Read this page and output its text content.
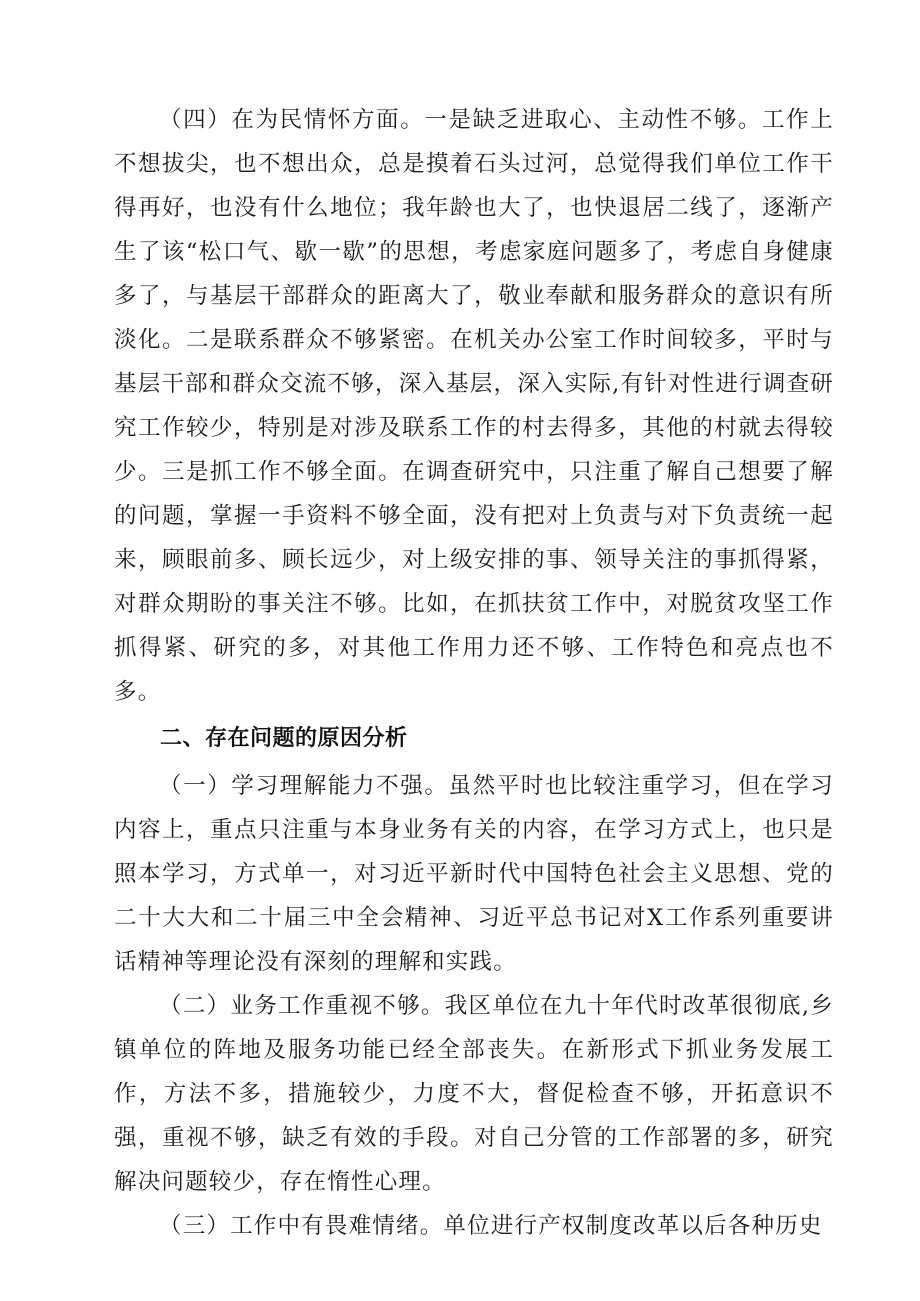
（四）在为民情怀方面。一是缺乏进取心、主动性不够。工作上不想拔尖，也不想出众，总是摸着石头过河，总觉得我们单位工作干得再好，也没有什么地位；我年龄也大了，也快退居二线了，逐渐产生了该“松口气、歇一歇”的思想，考虑家庭问题多了，考虑自身健康多了，与基层干部群众的距离大了，敬业奉献和服务群众的意识有所淡化。二是联系群众不够紧密。在机关办公室工作时间较多，平时与基层干部和群众交流不够，深入基层，深入实际,有针对性进行调查研究工作较少，特别是对涉及联系工作的村去得多，其他的村就去得较少。三是抓工作不够全面。在调查研究中，只注重了解自己想要了解的问题，掌握一手资料不够全面，没有把对上负责与对下负责统一起来，顾眼前多、顾长远少，对上级安排的事、领导关注的事抓得紧，对群众期盼的事关注不够。比如，在抓扶贫工作中，对脱贫攻坚工作抓得紧、研究的多，对其他工作用力还不够、工作特色和亮点也不多。

二、存在问题的原因分析

（一）学习理解能力不强。虽然平时也比较注重学习，但在学习内容上，重点只注重与本身业务有关的内容，在学习方式上，也只是照本学习，方式单一，对习近平新时代中国特色社会主义思想、党的二十大大和二十届三中全会精神、习近平总书记对X工作系列重要讲话精神等理论没有深刻的理解和实践。

（二）业务工作重视不够。我区单位在九十年代时改革很彻底,乡镇单位的阵地及服务功能已经全部丧失。在新形式下抓业务发展工作，方法不多，措施较少，力度不大，督促检查不够，开拓意识不强，重视不够，缺乏有效的手段。对自己分管的工作部署的多，研究解决问题较少，存在惰性心理。

（三）工作中有畏难情绪。单位进行产权制度改革以后各种历史
